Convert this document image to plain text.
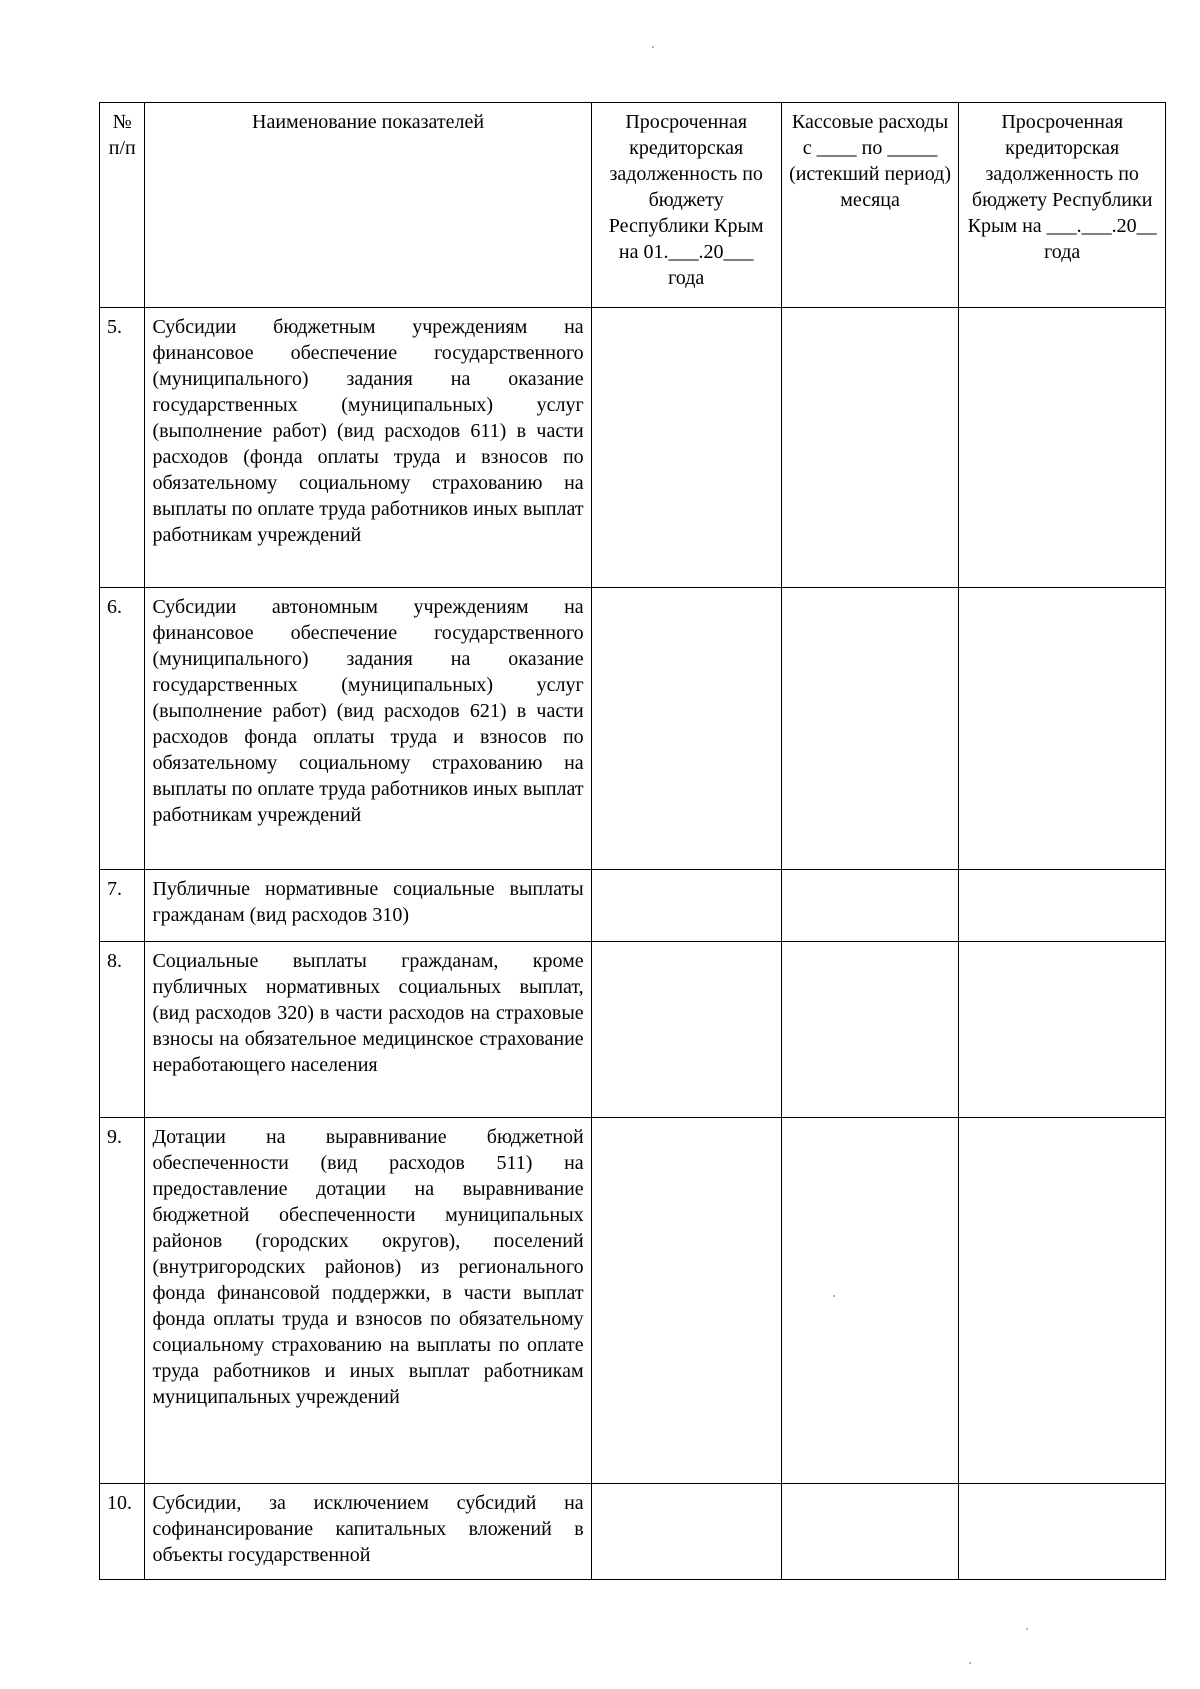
№ п/п	Наименование показателей	Просроченная кредиторская задолженность по бюджету Республики Крым на 01.___.20___ года	Кассовые расходы с ____ по _____ (истекший период) месяца	Просроченная кредиторская задолженность по бюджету Республики Крым на ___.___.20__ года
5.	Субсидии бюджетным учреждениям на финансовое обеспечение государственного (муниципального) задания на оказание государственных (муниципальных) услуг (выполнение работ) (вид расходов 611) в части расходов (фонда оплаты труда и взносов по обязательному социальному страхованию на выплаты по оплате труда работников иных выплат работникам учреждений			
6.	Субсидии автономным учреждениям на финансовое обеспечение государственного (муниципального) задания на оказание государственных (муниципальных) услуг (выполнение работ) (вид расходов 621) в части расходов фонда оплаты труда и взносов по обязательному социальному страхованию на выплаты по оплате труда работников иных выплат работникам учреждений			
7.	Публичные нормативные социальные выплаты гражданам (вид расходов 310)			
8.	Социальные выплаты гражданам, кроме публичных нормативных социальных выплат, (вид расходов 320) в части расходов на страховые взносы на обязательное медицинское страхование неработающего населения			
9.	Дотации на выравнивание бюджетной обеспеченности (вид расходов 511) на предоставление дотации на выравнивание бюджетной обеспеченности муниципальных районов (городских округов), поселений (внутригородских районов) из регионального фонда финансовой поддержки, в части выплат фонда оплаты труда и взносов по обязательному социальному страхованию на выплаты по оплате труда работников и иных выплат работникам муниципальных учреждений			
10.	Субсидии, за исключением субсидий на софинансирование капитальных вложений в объекты государственной			
